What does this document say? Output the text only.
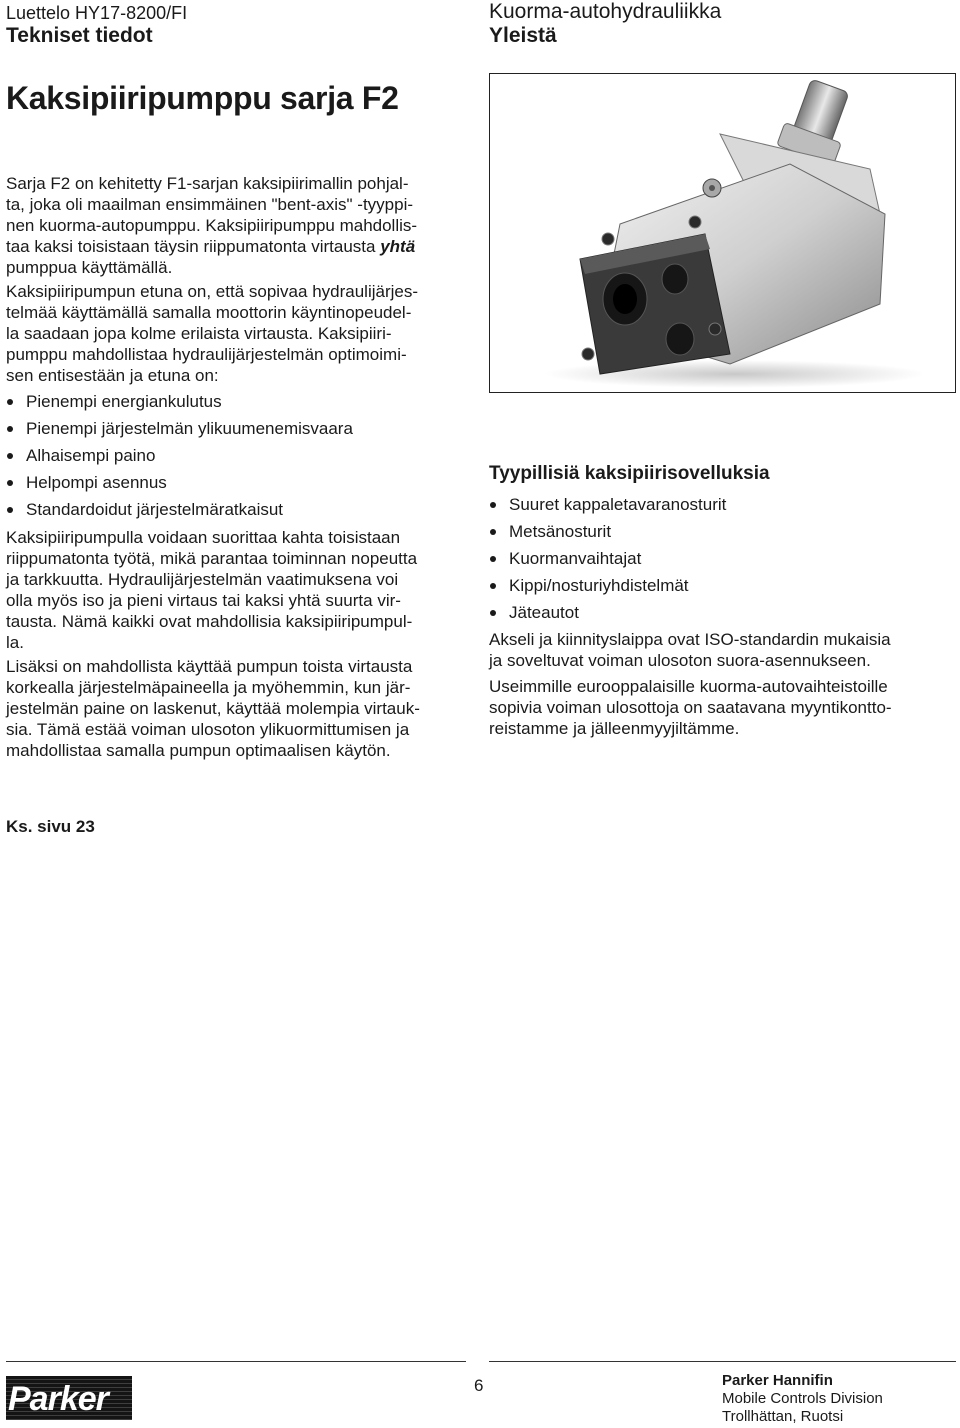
Luettelo HY17-8200/FI
Tekniset tiedot
Kuorma-autohydrauliikka
Yleistä
Kaksipiiripumppu sarja F2
Sarja F2 on kehitetty F1-sarjan kaksipiirimallin pohjal-
ta, joka oli maailman ensimmäinen "bent-axis" -tyyppi-
nen kuorma-autopumppu. Kaksipiiripumppu mahdollis-
taa kaksi toisistaan täysin riippumatonta virtausta yhtä
pumppua käyttämällä.
Kaksipiiripumpun etuna on, että sopivaa hydraulijärjes-
telmää käyttämällä samalla moottorin käyntinopeudel-
la saadaan jopa kolme erilaista virtausta. Kaksipiiri-
pumppu mahdollistaa hydraulijärjestelmän optimoimi-
sen entisestään ja etuna on:
Pienempi energiankulutus
Pienempi järjestelmän ylikuumenemisvaara
Alhaisempi paino
Helpompi asennus
Standardoidut järjestelmäratkaisut
Kaksipiiripumpulla voidaan suorittaa kahta toisistaan
riippumatonta työtä, mikä parantaa toiminnan nopeutta
ja tarkkuutta. Hydraulijärjestelmän vaatimuksena voi
olla myös iso ja pieni virtaus tai kaksi yhtä suurta vir-
tausta. Nämä kaikki ovat mahdollisia kaksipiiripumpul-
la.
Lisäksi on mahdollista käyttää pumpun toista virtausta
korkealla järjestelmäpaineella ja myöhemmin, kun jär-
jestelmän paine on laskenut, käyttää molempia virtauk-
sia. Tämä estää voiman ulosoton ylikuormittumisen ja
mahdollistaa samalla pumpun optimaalisen käytön.
Ks. sivu 23
Tyypillisiä kaksipiirisovelluksia
Suuret kappaletavaranosturit
Metsänosturit
Kuormanvaihtajat
Kippi/nosturiyhdistelmät
Jäteautot
Akseli ja kiinnityslaippa ovat ISO-standardin mukaisia
ja soveltuvat voiman ulosoton suora-asennukseen.
Useimmille eurooppalaisille kuorma-autovaihteistoille
sopivia voiman ulosottoja on saatavana myyntikontto-
reistamme ja jälleenmyyjiltämme.
Parker	6	Parker Hannifin
Mobile Controls Division
Trollhättan, Ruotsi
